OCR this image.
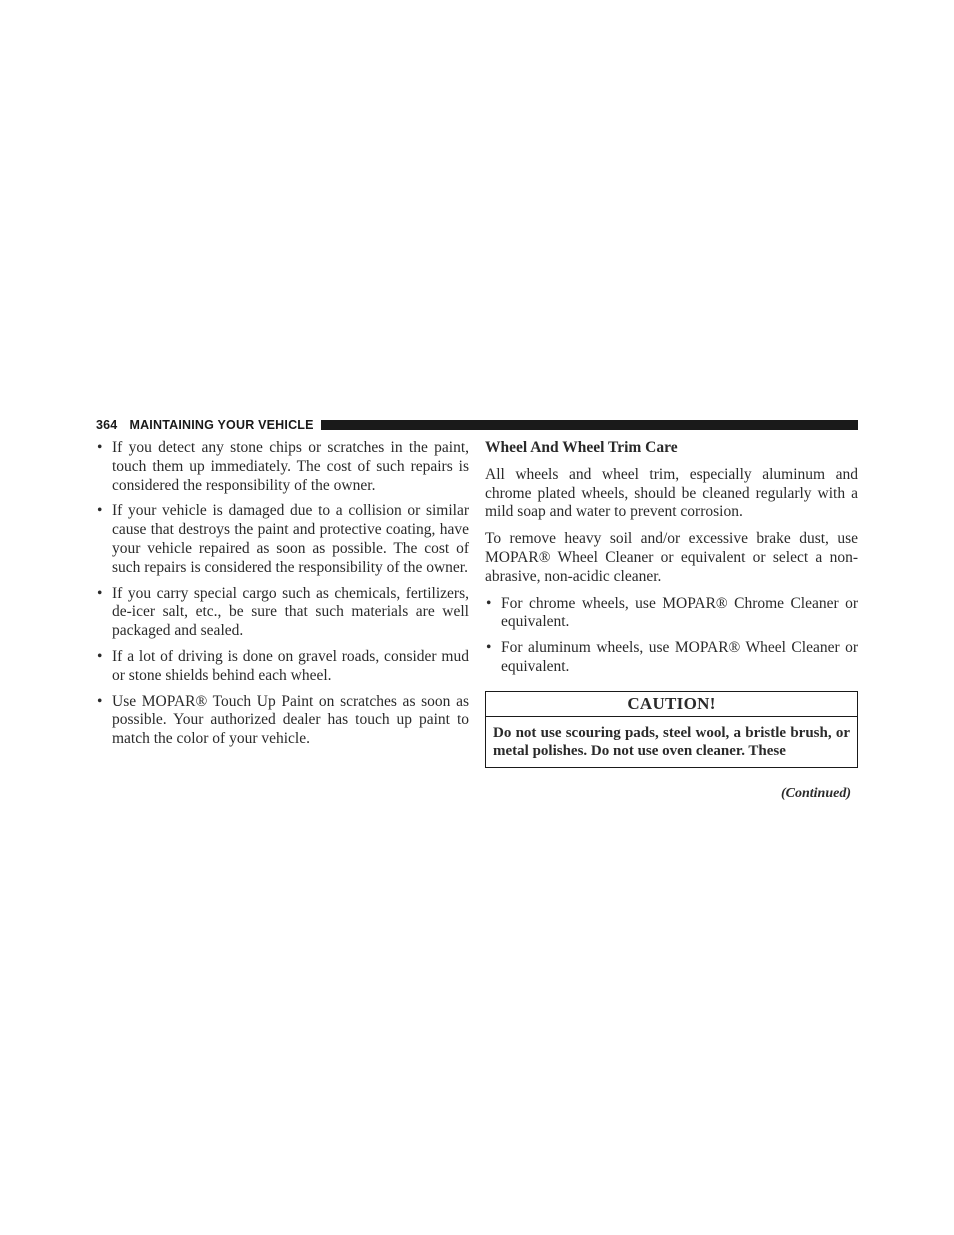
364 MAINTAINING YOUR VEHICLE
• If you detect any stone chips or scratches in the paint, touch them up immediately. The cost of such repairs is considered the responsibility of the owner.
• If your vehicle is damaged due to a collision or similar cause that destroys the paint and protective coating, have your vehicle repaired as soon as possible. The cost of such repairs is considered the responsibility of the owner.
• If you carry special cargo such as chemicals, fertilizers, de-icer salt, etc., be sure that such materials are well packaged and sealed.
• If a lot of driving is done on gravel roads, consider mud or stone shields behind each wheel.
• Use MOPAR® Touch Up Paint on scratches as soon as possible. Your authorized dealer has touch up paint to match the color of your vehicle.
Wheel And Wheel Trim Care

All wheels and wheel trim, especially aluminum and chrome plated wheels, should be cleaned regularly with a mild soap and water to prevent corrosion.

To remove heavy soil and/or excessive brake dust, use MOPAR® Wheel Cleaner or equivalent or select a non-abrasive, non-acidic cleaner.

• For chrome wheels, use MOPAR® Chrome Cleaner or equivalent.
• For aluminum wheels, use MOPAR® Wheel Cleaner or equivalent.
CAUTION!
Do not use scouring pads, steel wool, a bristle brush, or metal polishes. Do not use oven cleaner. These
(Continued)
